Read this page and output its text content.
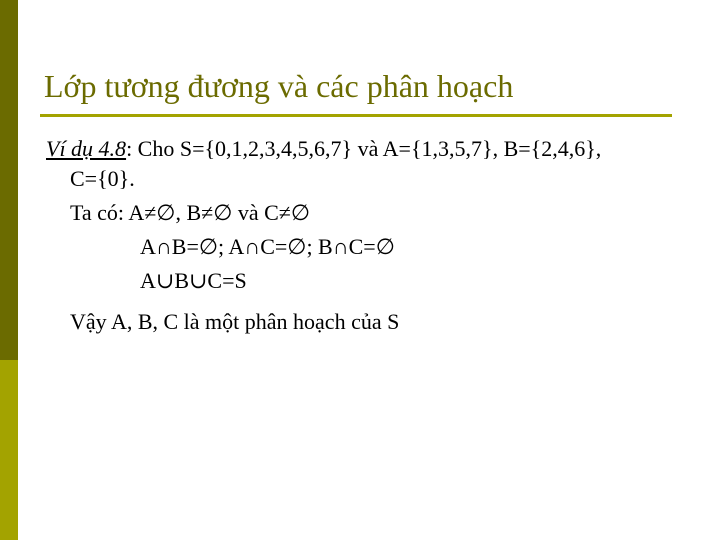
Lớp tương đương và các phân hoạch
Ví dụ 4.8: Cho S={0,1,2,3,4,5,6,7} và A={1,3,5,7}, B={2,4,6},
C={0}.
Ta có: A≠∅, B≠∅ và C≠∅
A∩B=∅; A∩C=∅; B∩C=∅
A∪B∪C=S
Vậy A, B, C là một phân hoạch của S
